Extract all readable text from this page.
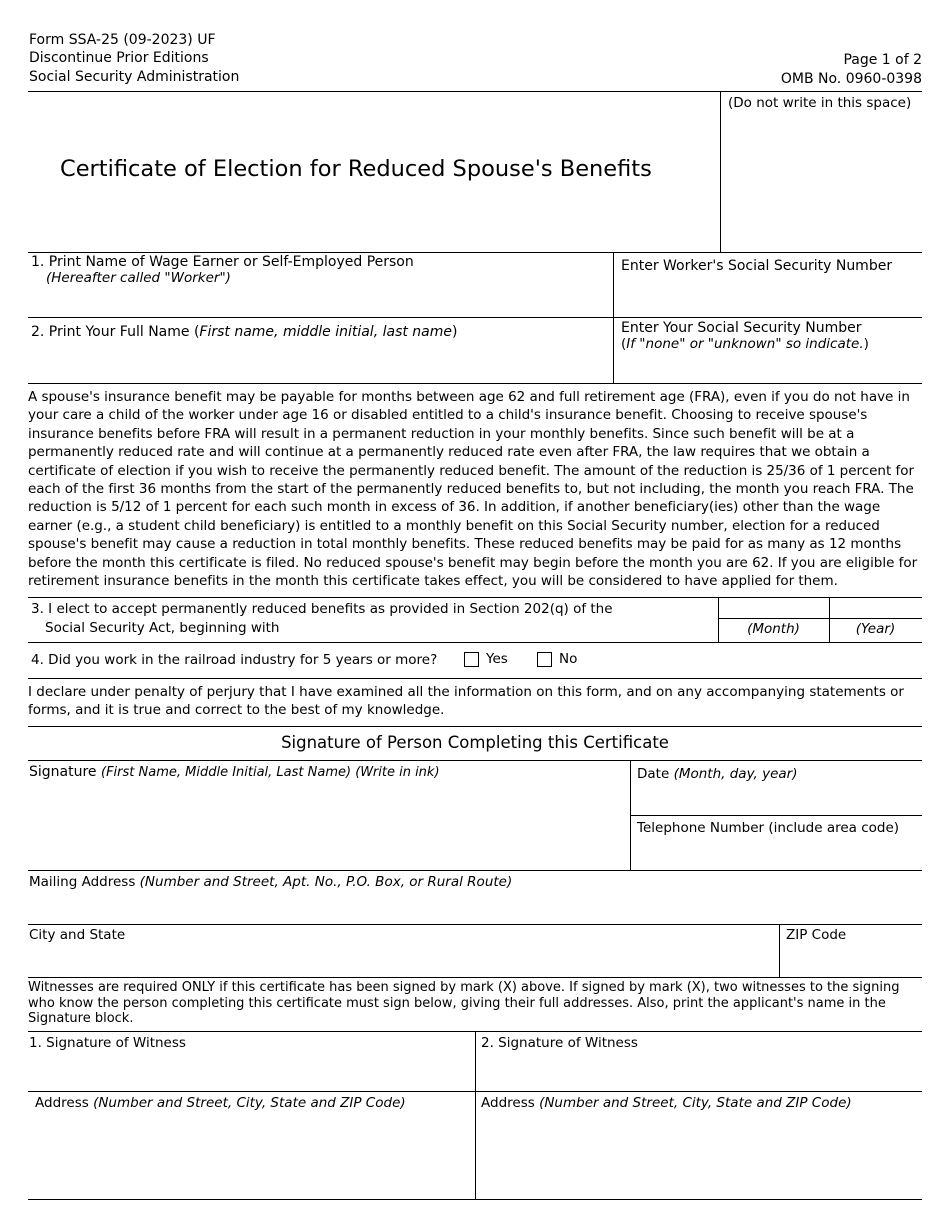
Form SSA-25 (09-2023) UF
Discontinue Prior Editions
Social Security Administration
Page 1 of 2
OMB No. 0960-0398
(Do not write in this space)
Certificate of Election for Reduced Spouse's Benefits
1. Print Name of Wage Earner or Self-Employed Person
(Hereafter called "Worker")
Enter Worker's Social Security Number
2. Print Your Full Name (First name, middle initial, last name)	Enter Your Social Security Number
(If "none" or "unknown" so indicate.)
A spouse's insurance benefit may be payable for months between age 62 and full retirement age (FRA), even if you do not have in your care a child of the worker under age 16 or disabled entitled to a child's insurance benefit. Choosing to receive spouse's insurance benefits before FRA will result in a permanent reduction in your monthly benefits. Since such benefit will be at a permanently reduced rate and will continue at a permanently reduced rate even after FRA, the law requires that we obtain a certificate of election if you wish to receive the permanently reduced benefit. The amount of the reduction is 25/36 of 1 percent for each of the first 36 months from the start of the permanently reduced benefits to, but not including, the month you reach FRA. The reduction is 5/12 of 1 percent for each such month in excess of 36. In addition, if another beneficiary(ies) other than the wage earner (e.g., a student child beneficiary) is entitled to a monthly benefit on this Social Security number, election for a reduced spouse's benefit may cause a reduction in total monthly benefits. These reduced benefits may be paid for as many as 12 months before the month this certificate is filed. No reduced spouse's benefit may begin before the month you are 62. If you are eligible for retirement insurance benefits in the month this certificate takes effect, you will be considered to have applied for them.
3. I elect to accept permanently reduced benefits as provided in Section 202(q) of the
Social Security Act, beginning with	(Month)	(Year)
4. Did you work in the railroad industry for 5 years or more?	Yes	No
I declare under penalty of perjury that I have examined all the information on this form, and on any accompanying statements or forms, and it is true and correct to the best of my knowledge.
Signature of Person Completing this Certificate
Signature (First Name, Middle Initial, Last Name) (Write in ink)	Date (Month, day, year)
Telephone Number (include area code)
Mailing Address (Number and Street, Apt. No., P.O. Box, or Rural Route)
City and State	ZIP Code
Witnesses are required ONLY if this certificate has been signed by mark (X) above. If signed by mark (X), two witnesses to the signing who know the person completing this certificate must sign below, giving their full addresses. Also, print the applicant's name in the Signature block.
1. Signature of Witness	2. Signature of Witness
Address (Number and Street, City, State and ZIP Code)	Address (Number and Street, City, State and ZIP Code)
